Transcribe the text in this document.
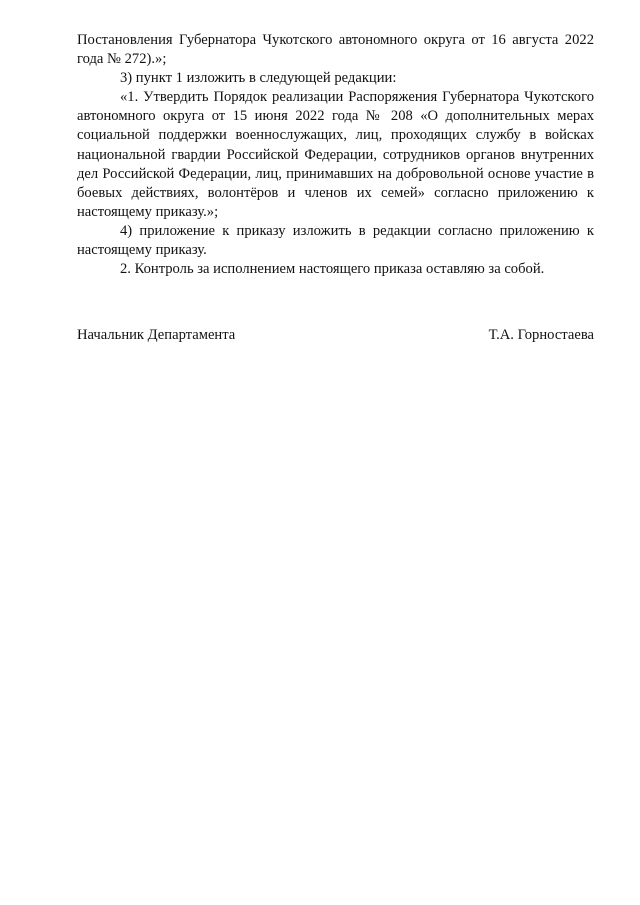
Постановления Губернатора Чукотского автономного округа от 16 августа 2022 года № 272).»;

3) пункт 1 изложить в следующей редакции:

«1. Утвердить Порядок реализации Распоряжения Губернатора Чукотского автономного округа от 15 июня 2022 года № 208 «О дополнительных мерах социальной поддержки военнослужащих, лиц, проходящих службу в войсках национальной гвардии Российской Федерации, сотрудников органов внутренних дел Российской Федерации, лиц, принимавших на добровольной основе участие в боевых действиях, волонтёров и членов их семей» согласно приложению к настоящему приказу.»;

4) приложение к приказу изложить в редакции согласно приложению к настоящему приказу.

2. Контроль за исполнением настоящего приказа оставляю за собой.

Начальник Департамента	Т.А. Горностаева
